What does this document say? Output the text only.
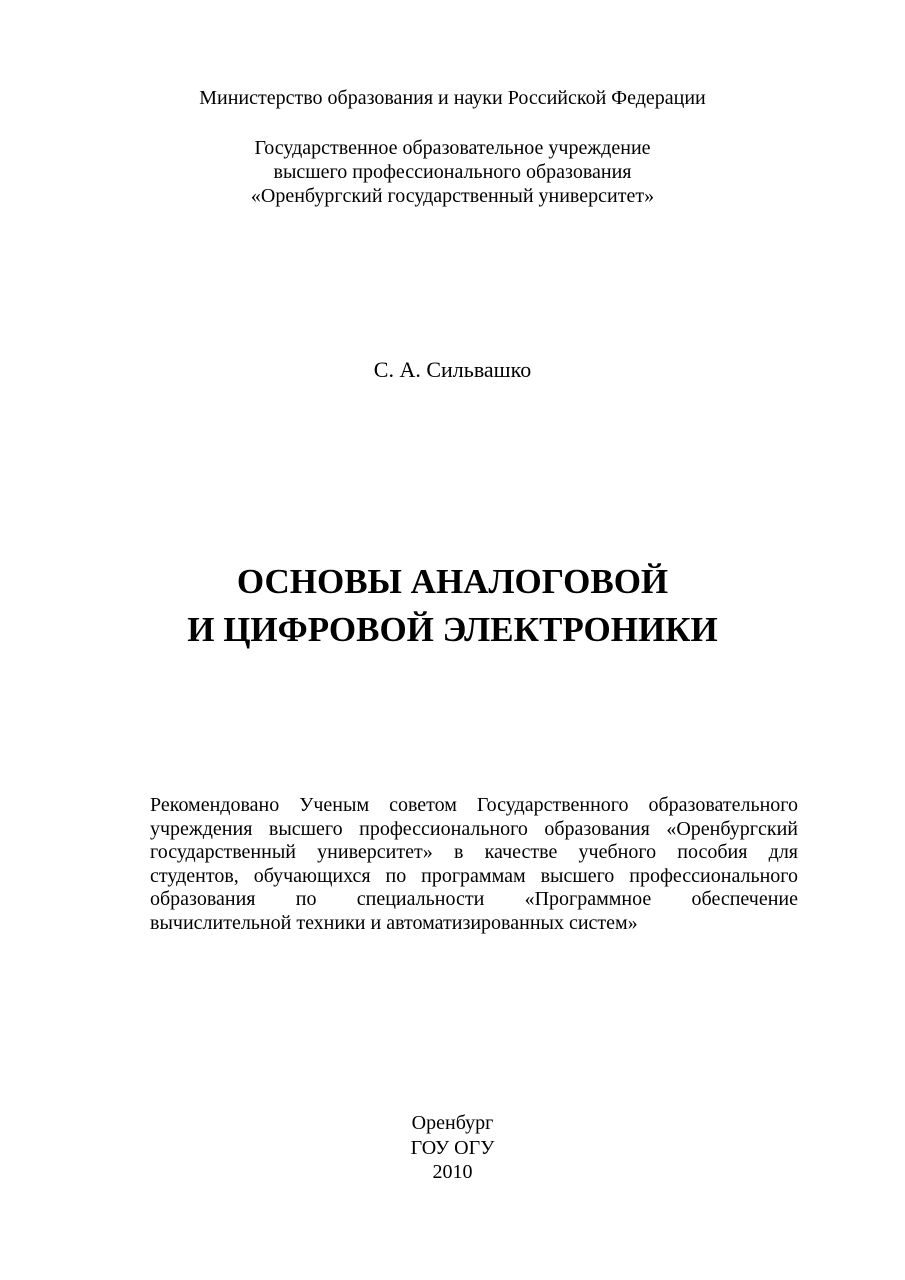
Министерство образования и науки Российской Федерации
Государственное образовательное учреждение
высшего профессионального образования
«Оренбургский государственный университет»
С. А. Сильвашко
ОСНОВЫ АНАЛОГОВОЙ
И ЦИФРОВОЙ ЭЛЕКТРОНИКИ
Рекомендовано Ученым советом Государственного образовательного
учреждения высшего профессионального образования «Оренбургский
государственный университет» в качестве учебного пособия для
студентов, обучающихся по программам высшего профессионального
образования по специальности «Программное обеспечение
вычислительной техники и автоматизированных систем»
Оренбург
ГОУ ОГУ
2010
